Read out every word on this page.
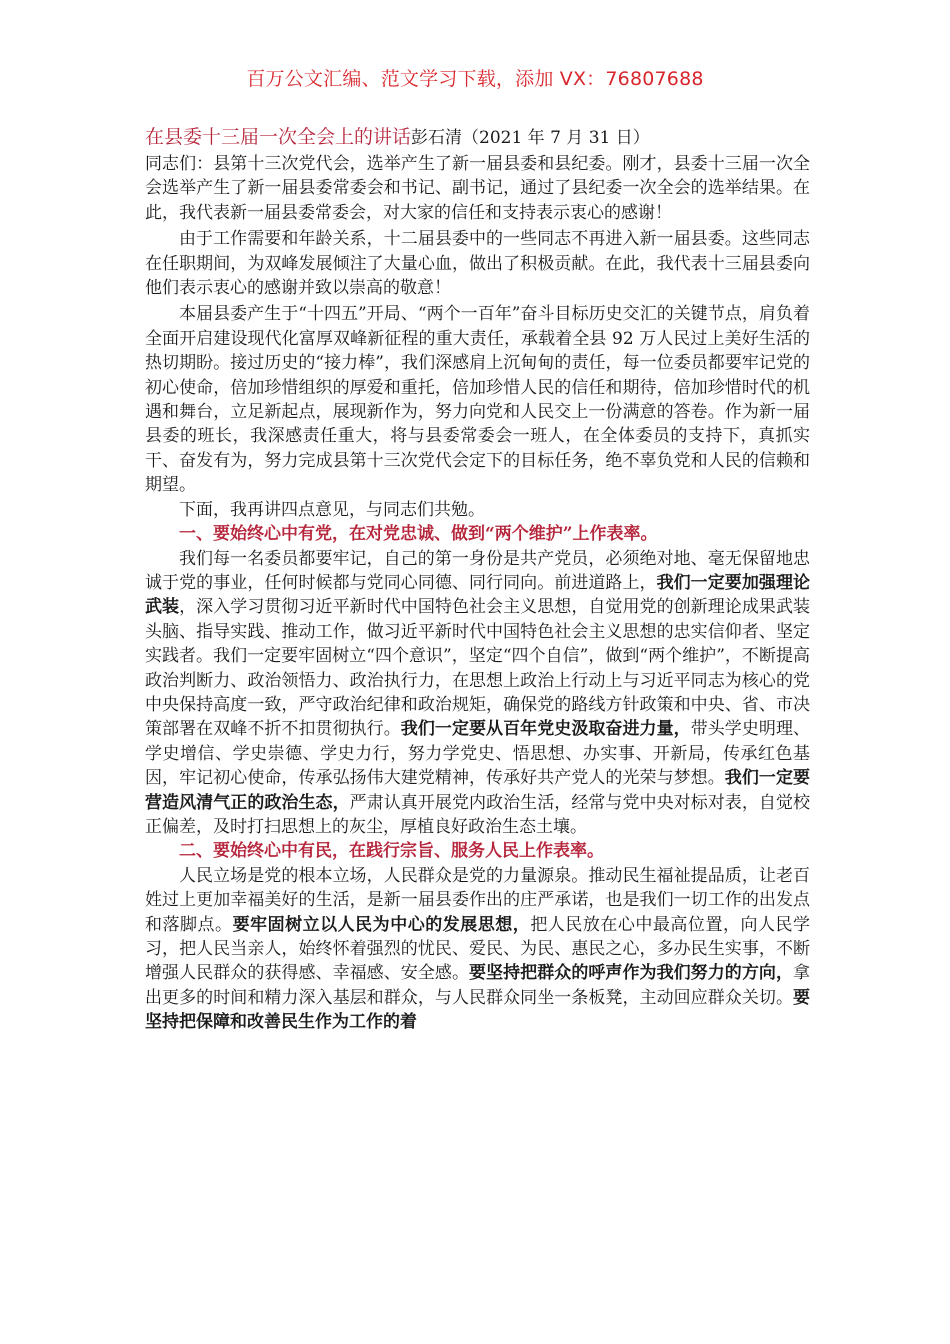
百万公文汇编、范文学习下载，添加 VX：76807688
在县委十三届一次全会上的讲话彭石清（2021 年 7 月 31 日）

同志们：县第十三次党代会，选举产生了新一届县委和县纪委。刚才，县委十三届一次全会选举产生了新一届县委常委会和书记、副书记，通过了县纪委一次全会的选举结果。在此，我代表新一届县委常委会，对大家的信任和支持表示衷心的感谢！

由于工作需要和年龄关系，十二届县委中的一些同志不再进入新一届县委。这些同志在任职期间，为双峰发展倾注了大量心血，做出了积极贡献。在此，我代表十三届县委向他们表示衷心的感谢并致以崇高的敬意！

本届县委产生于“十四五”开局、“两个一百年”奋斗目标历史交汇的关键节点，肩负着全面开启建设现代化富厚双峰新征程的重大责任，承载着全县 92 万人民过上美好生活的热切期盼。接过历史的“接力棒”，我们深感肩上沉甸甸的责任，每一位委员都要牢记党的初心使命，倍加珍惜组织的厚爱和重托，倍加珍惜人民的信任和期待，倍加珍惜时代的机遇和舞台，立足新起点，展现新作为，努力向党和人民交上一份满意的答卷。作为新一届县委的班长，我深感责任重大，将与县委常委会一班人，在全体委员的支持下，真抓实干、奋发有为，努力完成县第十三次党代会定下的目标任务，绝不辜负党和人民的信赖和期望。

下面，我再讲四点意见，与同志们共勉。

一、要始终心中有党，在对党忠诚、做到“两个维护”上作表率。

我们每一名委员都要牢记，自己的第一身份是共产党员，必须绝对地、毫无保留地忠诚于党的事业，任何时候都与党同心同德、同行同向。前进道路上，我们一定要加强理论武装，深入学习贯彻习近平新时代中国特色社会主义思想，自觉用党的创新理论成果武装头脑、指导实践、推动工作，做习近平新时代中国特色社会主义思想的忠实信仰者、坚定实践者。我们一定要牢固树立“四个意识”，坚定“四个自信”，做到“两个维护”，不断提高政治判断力、政治领悟力、政治执行力，在思想上政治上行动上与习近平同志为核心的党中央保持高度一致，严守政治纪律和政治规矩，确保党的路线方针政策和中央、省、市决策部署在双峰不折不扣贯彻执行。我们一定要从百年党史汲取奋进力量，带头学史明理、学史增信、学史崇德、学史力行，努力学党史、悟思想、办实事、开新局，传承红色基因，牢记初心使命，传承弘扬伟大建党精神，传承好共产党人的光荣与梦想。我们一定要营造风清气正的政治生态，严肃认真开展党内政治生活，经常与党中央对标对表，自觉校正偏差，及时打扫思想上的灰尘，厚植良好政治生态土壤。

二、要始终心中有民，在践行宗旨、服务人民上作表率。

人民立场是党的根本立场，人民群众是党的力量源泉。推动民生福祉提品质，让老百姓过上更加幸福美好的生活，是新一届县委作出的庄严承诺，也是我们一切工作的出发点和落脚点。要牢固树立以人民为中心的发展思想，把人民放在心中最高位置，向人民学习，把人民当亲人，始终怀着强烈的忧民、爱民、为民、惠民之心，多办民生实事，不断增强人民群众的获得感、幸福感、安全感。要坚持把群众的呼声作为我们努力的方向，拿出更多的时间和精力深入基层和群众，与人民群众同坐一条板凳，主动回应群众关切。要坚持把保障和改善民生作为工作的着
